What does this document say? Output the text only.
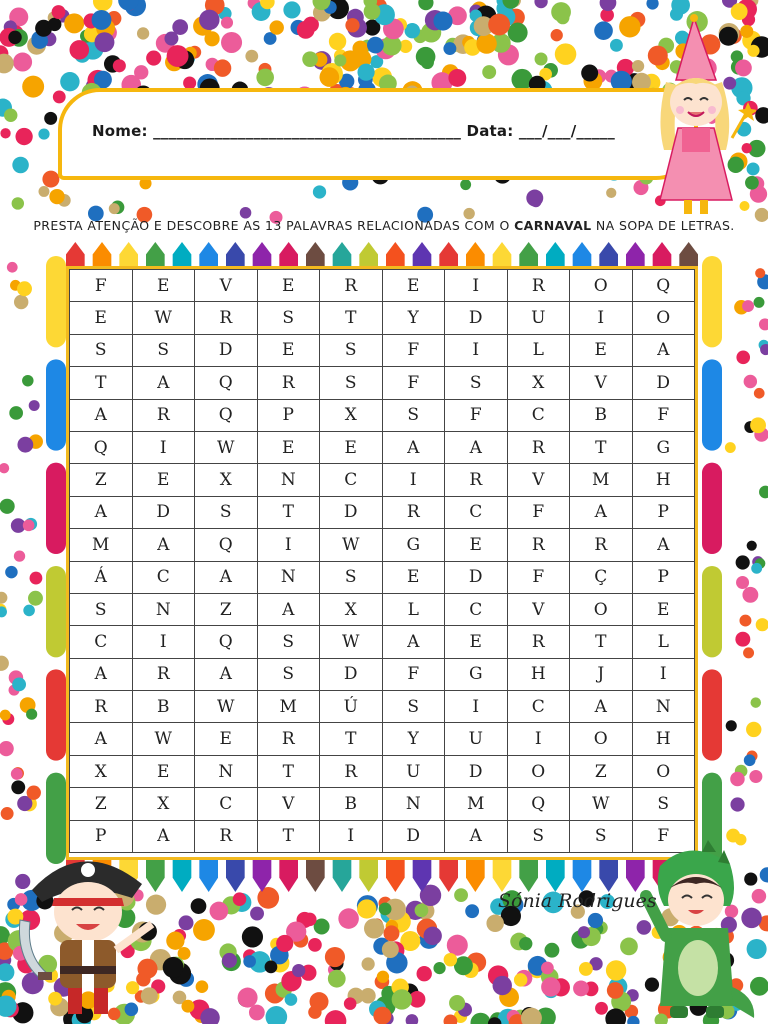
Nome: ________________________________________ Data: ___/___/_____
PRESTA ATENÇÃO E DESCOBRE AS 13 PALAVRAS RELACIONADAS COM O CARNAVAL NA SOPA DE LETRAS.
F	E	V	E	R	E	I	R	O	Q
E	W	R	S	T	Y	D	U	I	O
S	S	D	E	S	F	I	L	E	A
T	A	Q	R	S	F	S	X	V	D
A	R	Q	P	X	S	F	C	B	F
Q	I	W	E	E	A	A	R	T	G
Z	E	X	N	C	I	R	V	M	H
A	D	S	T	D	R	C	F	A	P
M	A	Q	I	W	G	E	R	R	A
Á	C	A	N	S	E	D	F	Ç	P
S	N	Z	A	X	L	C	V	O	E
C	I	Q	S	W	A	E	R	T	L
A	R	A	S	D	F	G	H	J	I
R	B	W	M	Ú	S	I	C	A	N
A	W	E	R	T	Y	U	I	O	H
X	E	N	T	R	U	D	O	Z	O
Z	X	C	V	B	N	M	Q	W	S
P	A	R	T	I	D	A	S	S	F
Sónia Rodrigues
